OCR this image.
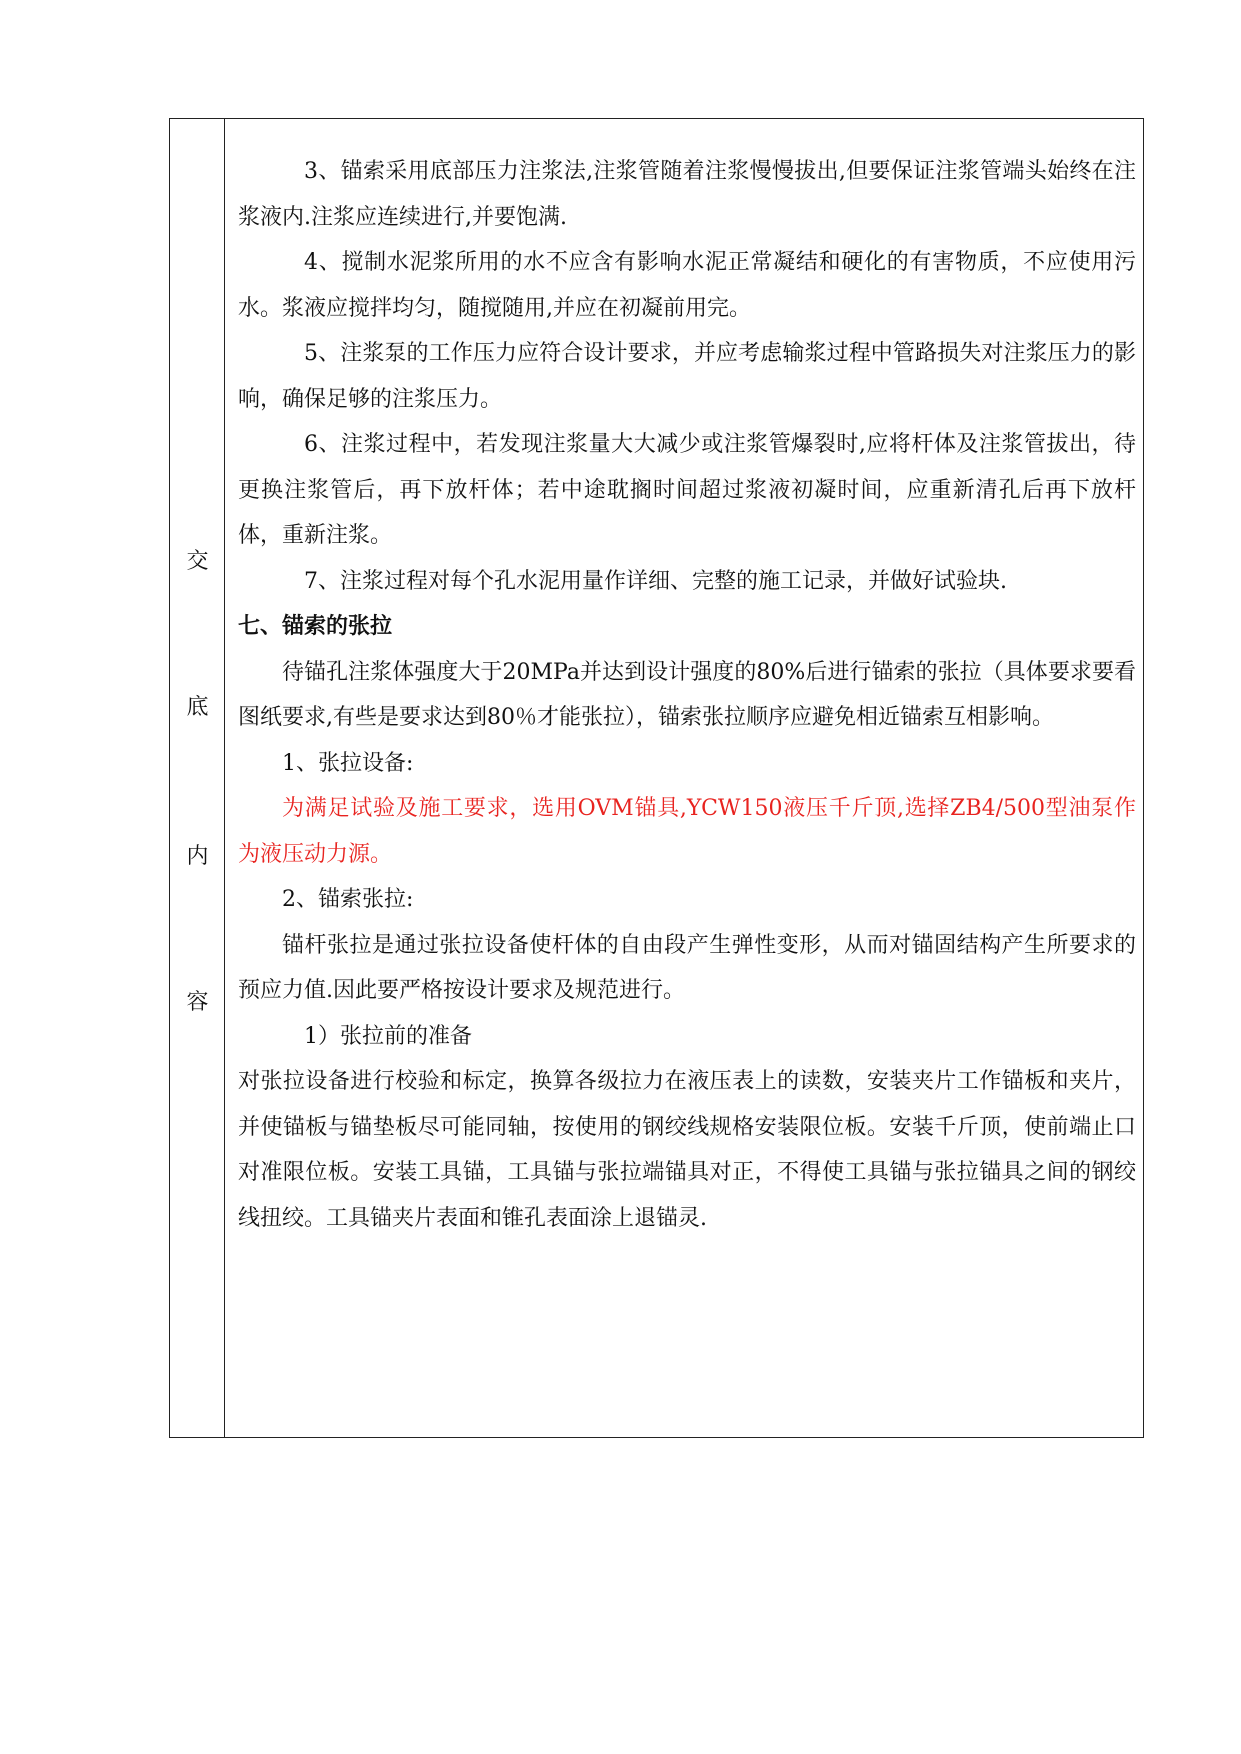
交
底
内
容

3、锚索采用底部压力注浆法,注浆管随着注浆慢慢拔出,但要保证注浆管端头始终在注浆液内.注浆应连续进行,并要饱满.

4、搅制水泥浆所用的水不应含有影响水泥正常凝结和硬化的有害物质，不应使用污水。浆液应搅拌均匀，随搅随用,并应在初凝前用完。

5、注浆泵的工作压力应符合设计要求，并应考虑输浆过程中管路损失对注浆压力的影响，确保足够的注浆压力。

6、注浆过程中，若发现注浆量大大减少或注浆管爆裂时,应将杆体及注浆管拔出，待更换注浆管后，再下放杆体；若中途耽搁时间超过浆液初凝时间，应重新清孔后再下放杆体，重新注浆。

7、注浆过程对每个孔水泥用量作详细、完整的施工记录，并做好试验块.

七、锚索的张拉

待锚孔注浆体强度大于20MPa并达到设计强度的80%后进行锚索的张拉（具体要求要看图纸要求,有些是要求达到80％才能张拉），锚索张拉顺序应避免相近锚索互相影响。

1、张拉设备:

为满足试验及施工要求，选用OVM锚具,YCW150液压千斤顶,选择ZB4/500型油泵作为液压动力源。

2、锚索张拉:

锚杆张拉是通过张拉设备使杆体的自由段产生弹性变形，从而对锚固结构产生所要求的预应力值.因此要严格按设计要求及规范进行。

1）张拉前的准备

对张拉设备进行校验和标定，换算各级拉力在液压表上的读数，安装夹片工作锚板和夹片，并使锚板与锚垫板尽可能同轴，按使用的钢绞线规格安装限位板。安装千斤顶，使前端止口对准限位板。安装工具锚，工具锚与张拉端锚具对正，不得使工具锚与张拉锚具之间的钢绞线扭绞。工具锚夹片表面和锥孔表面涂上退锚灵.
